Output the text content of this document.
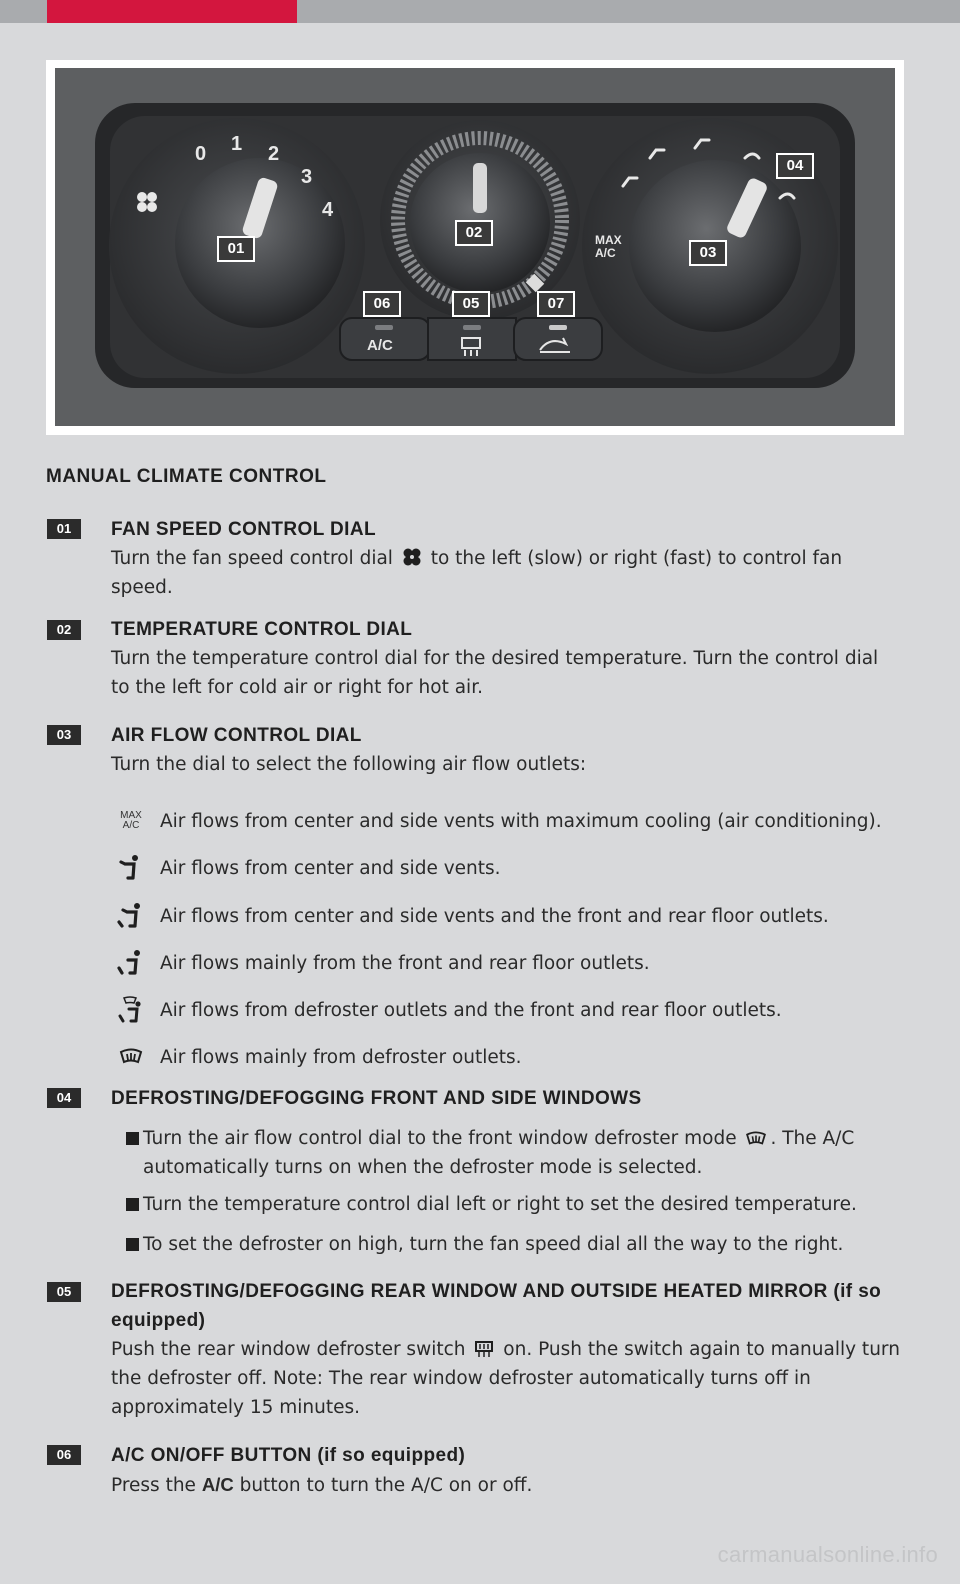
0 1 2
3
4
MAX A/C
A/C
01
02
03
04
05
06	07
MANUAL CLIMATE CONTROL
01	FAN SPEED CONTROL DIAL
Turn the fan speed control dial to the left (slow) or right (fast) to control fan speed.
02	TEMPERATURE CONTROL DIAL
Turn the temperature control dial for the desired temperature. Turn the control dial to the left for cold air or right for hot air.
03	AIR FLOW CONTROL DIAL
Turn the dial to select the following air flow outlets:
MAX A/C	Air flows from center and side vents with maximum cooling (air conditioning).
Air flows from center and side vents.
Air flows from center and side vents and the front and rear floor outlets.
Air flows mainly from the front and rear floor outlets.
Air flows from defroster outlets and the front and rear floor outlets.
Air flows mainly from defroster outlets.
04	DEFROSTING/DEFOGGING FRONT AND SIDE WINDOWS
Turn the air flow control dial to the front window defroster mode . The A/C automatically turns on when the defroster mode is selected.
Turn the temperature control dial left or right to set the desired temperature.
To set the defroster on high, turn the fan speed dial all the way to the right.
05	DEFROSTING/DEFOGGING REAR WINDOW AND OUTSIDE HEATED MIRROR (if so equipped)
Push the rear window defroster switch on. Push the switch again to manually turn the defroster off. Note: The rear window defroster automatically turns off in approximately 15 minutes.
06	A/C ON/OFF BUTTON (if so equipped)
Press the A/C button to turn the A/C on or off.
carmanualsonline.info
